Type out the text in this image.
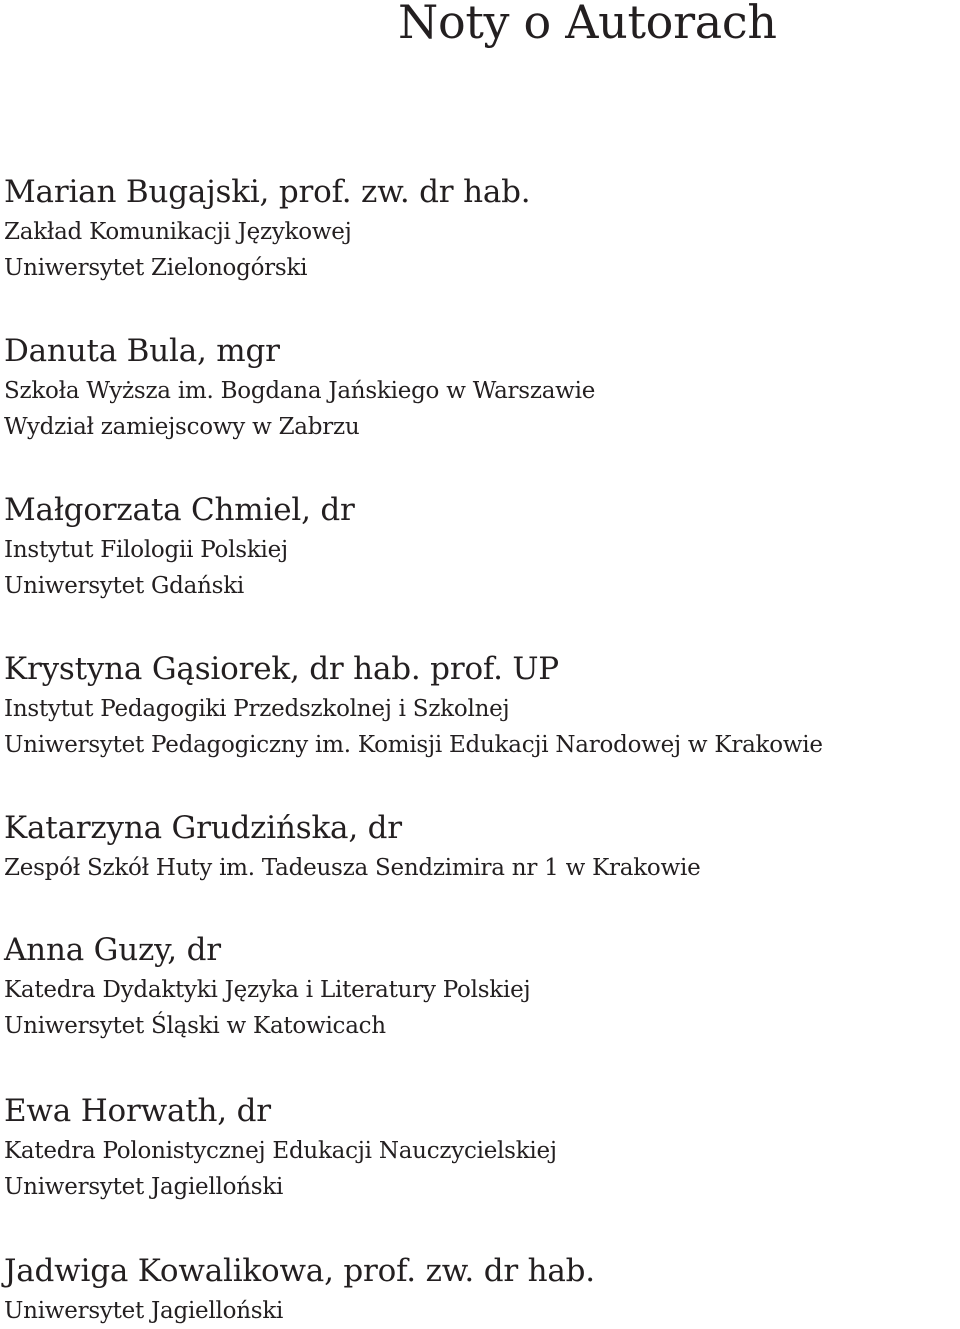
Noty o Autorach
Marian Bugajski, prof. zw. dr hab.
Zakład Komunikacji Językowej
Uniwersytet Zielonogórski
Danuta Bula, mgr
Szkoła Wyższa im. Bogdana Jańskiego w Warszawie
Wydział zamiejscowy w Zabrzu
Małgorzata Chmiel, dr
Instytut Filologii Polskiej
Uniwersytet Gdański
Krystyna Gąsiorek, dr hab. prof. UP
Instytut Pedagogiki Przedszkolnej i Szkolnej
Uniwersytet Pedagogiczny im. Komisji Edukacji Narodowej w Krakowie
Katarzyna Grudzińska, dr
Zespół Szkół Huty im. Tadeusza Sendzimira nr 1 w Krakowie
Anna Guzy, dr
Katedra Dydaktyki Języka i Literatury Polskiej
Uniwersytet Śląski w Katowicach
Ewa Horwath, dr
Katedra Polonistycznej Edukacji Nauczycielskiej
Uniwersytet Jagielloński
Jadwiga Kowalikowa, prof. zw. dr hab.
Uniwersytet Jagielloński
